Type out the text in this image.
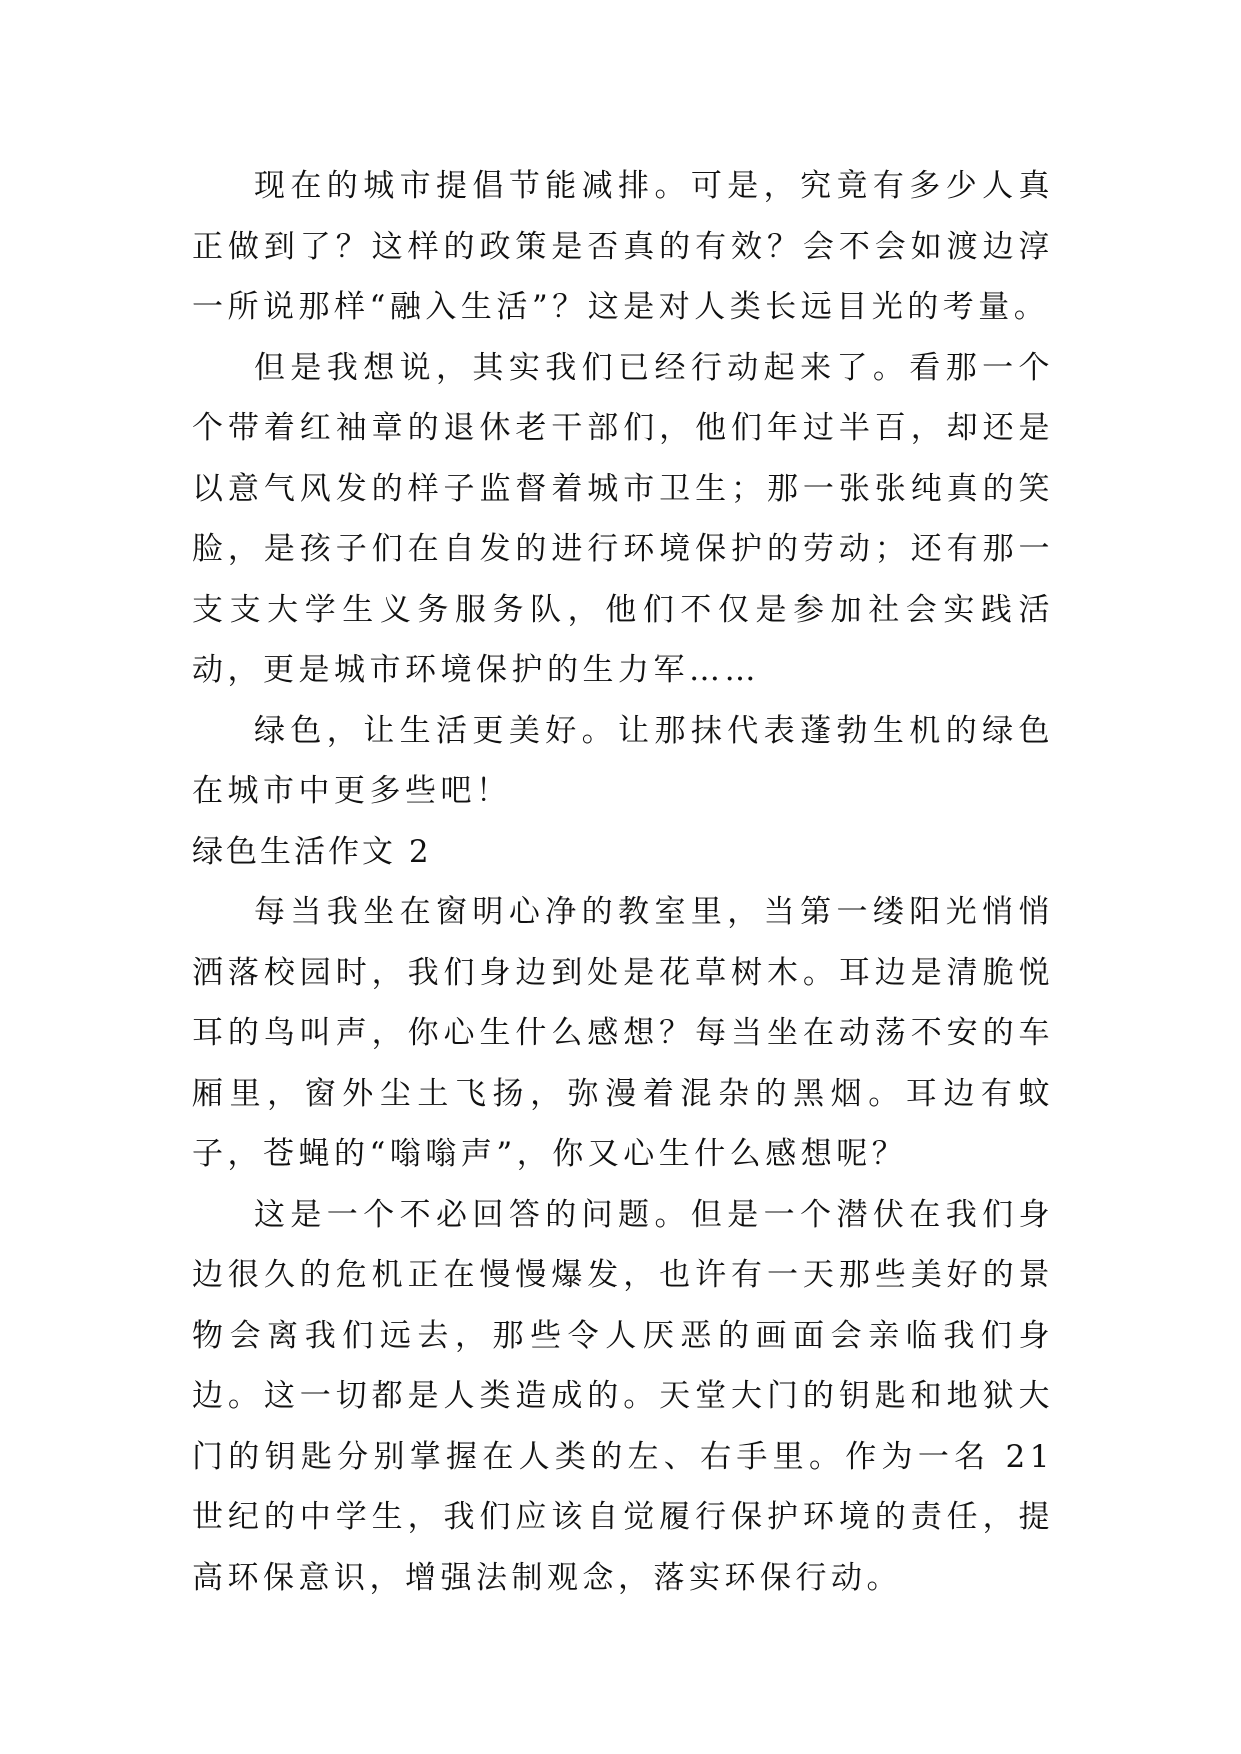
现在的城市提倡节能减排。可是，究竟有多少人真正做到了？这样的政策是否真的有效？会不会如渡边淳一所说那样“融入生活”？这是对人类长远目光的考量。

但是我想说，其实我们已经行动起来了。看那一个个带着红袖章的退休老干部们，他们年过半百，却还是以意气风发的样子监督着城市卫生；那一张张纯真的笑脸，是孩子们在自发的进行环境保护的劳动；还有那一支支大学生义务服务队，他们不仅是参加社会实践活动，更是城市环境保护的生力军……

绿色，让生活更美好。让那抹代表蓬勃生机的绿色在城市中更多些吧！

绿色生活作文 2

每当我坐在窗明心净的教室里，当第一缕阳光悄悄洒落校园时，我们身边到处是花草树木。耳边是清脆悦耳的鸟叫声，你心生什么感想？每当坐在动荡不安的车厢里，窗外尘土飞扬，弥漫着混杂的黑烟。耳边有蚊子，苍蝇的“嗡嗡声”，你又心生什么感想呢？

这是一个不必回答的问题。但是一个潜伏在我们身边很久的危机正在慢慢爆发，也许有一天那些美好的景物会离我们远去，那些令人厌恶的画面会亲临我们身边。这一切都是人类造成的。天堂大门的钥匙和地狱大门的钥匙分别掌握在人类的左、右手里。作为一名 21 世纪的中学生，我们应该自觉履行保护环境的责任，提高环保意识，增强法制观念，落实环保行动。
